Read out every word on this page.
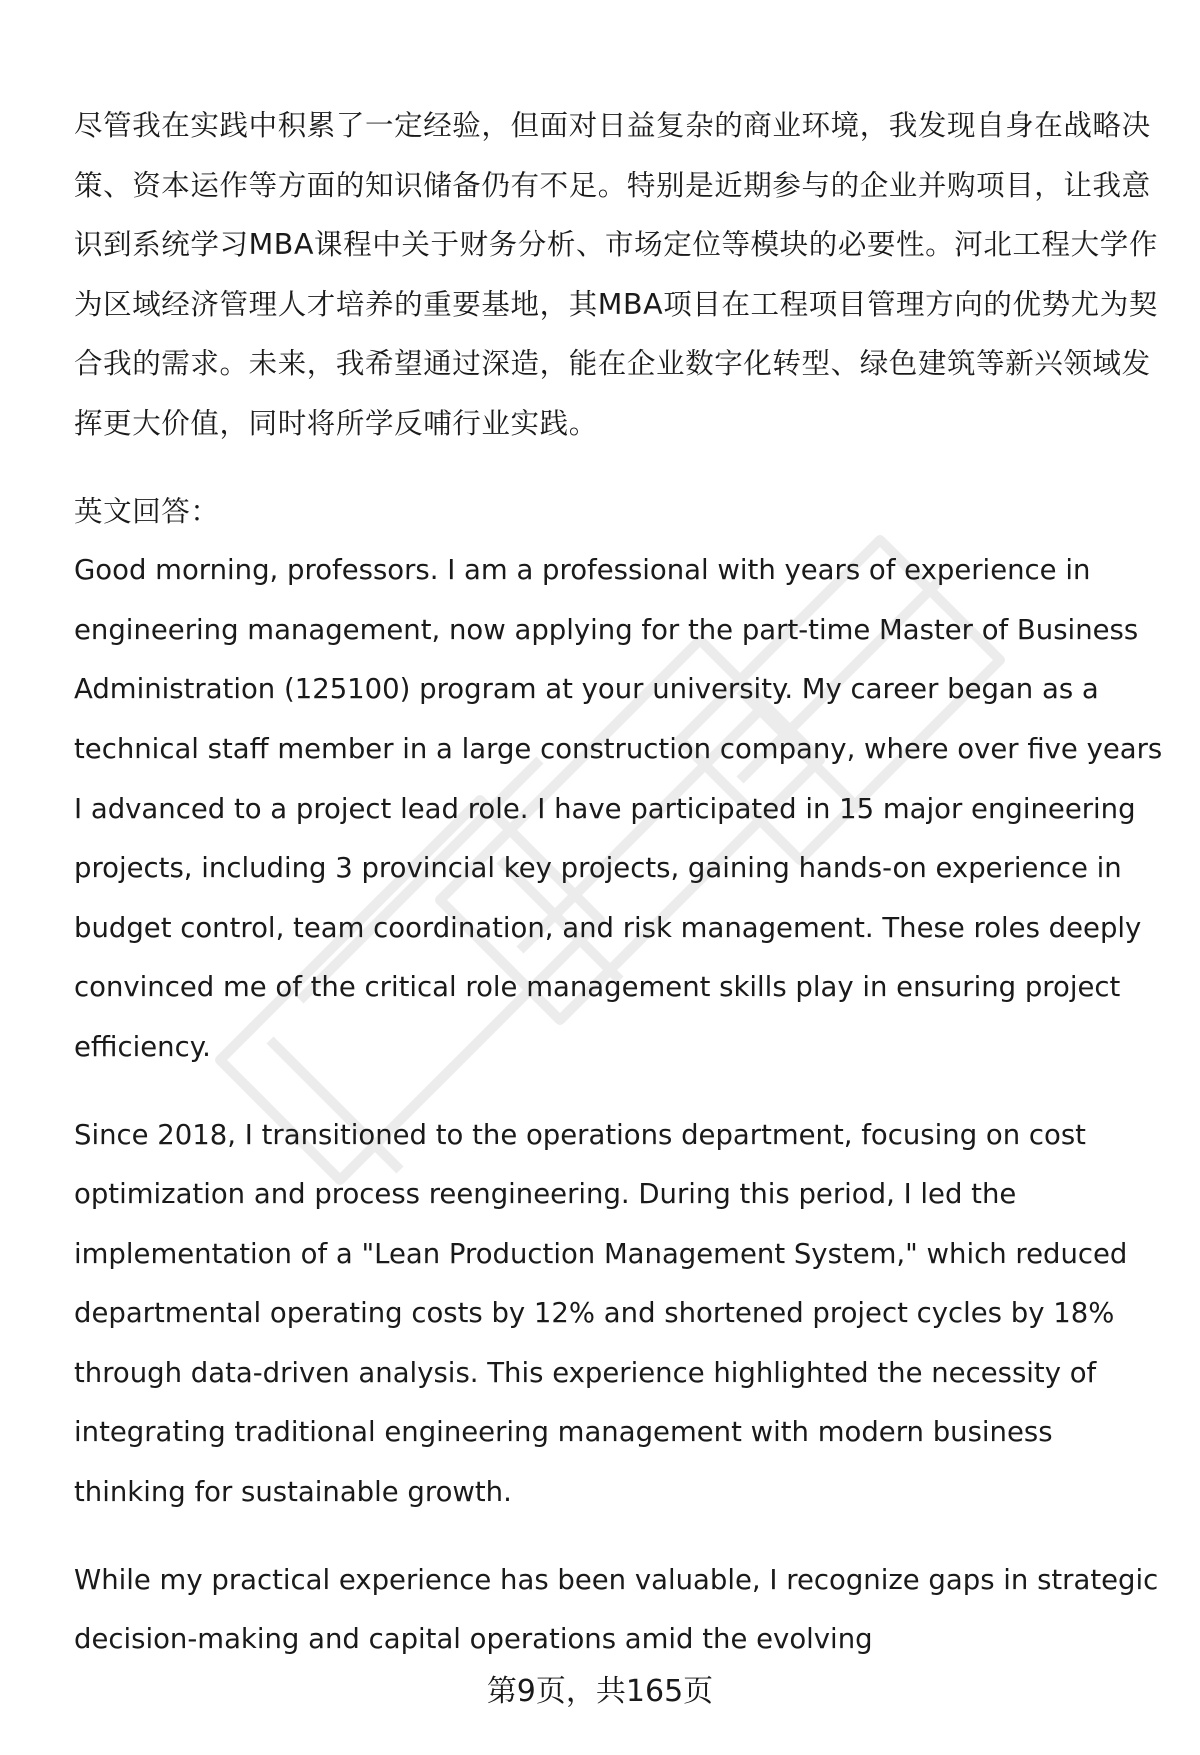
尽管我在实践中积累了一定经验，但面对日益复杂的商业环境，我发现自身在战略决策、资本运作等方面的知识储备仍有不足。特别是近期参与的企业并购项目，让我意识到系统学习MBA课程中关于财务分析、市场定位等模块的必要性。河北工程大学作为区域经济管理人才培养的重要基地，其MBA项目在工程项目管理方向的优势尤为契合我的需求。未来，我希望通过深造，能在企业数字化转型、绿色建筑等新兴领域发挥更大价值，同时将所学反哺行业实践。

英文回答：

Good morning, professors. I am a professional with years of experience in engineering management, now applying for the part-time Master of Business Administration (125100) program at your university. My career began as a technical staff member in a large construction company, where over five years I advanced to a project lead role. I have participated in 15 major engineering projects, including 3 provincial key projects, gaining hands-on experience in budget control, team coordination, and risk management. These roles deeply convinced me of the critical role management skills play in ensuring project efficiency.

Since 2018, I transitioned to the operations department, focusing on cost optimization and process reengineering. During this period, I led the implementation of a "Lean Production Management System," which reduced departmental operating costs by 12% and shortened project cycles by 18% through data-driven analysis. This experience highlighted the necessity of integrating traditional engineering management with modern business thinking for sustainable growth.

While my practical experience has been valuable, I recognize gaps in strategic decision-making and capital operations amid the evolving

第9页，共165页
